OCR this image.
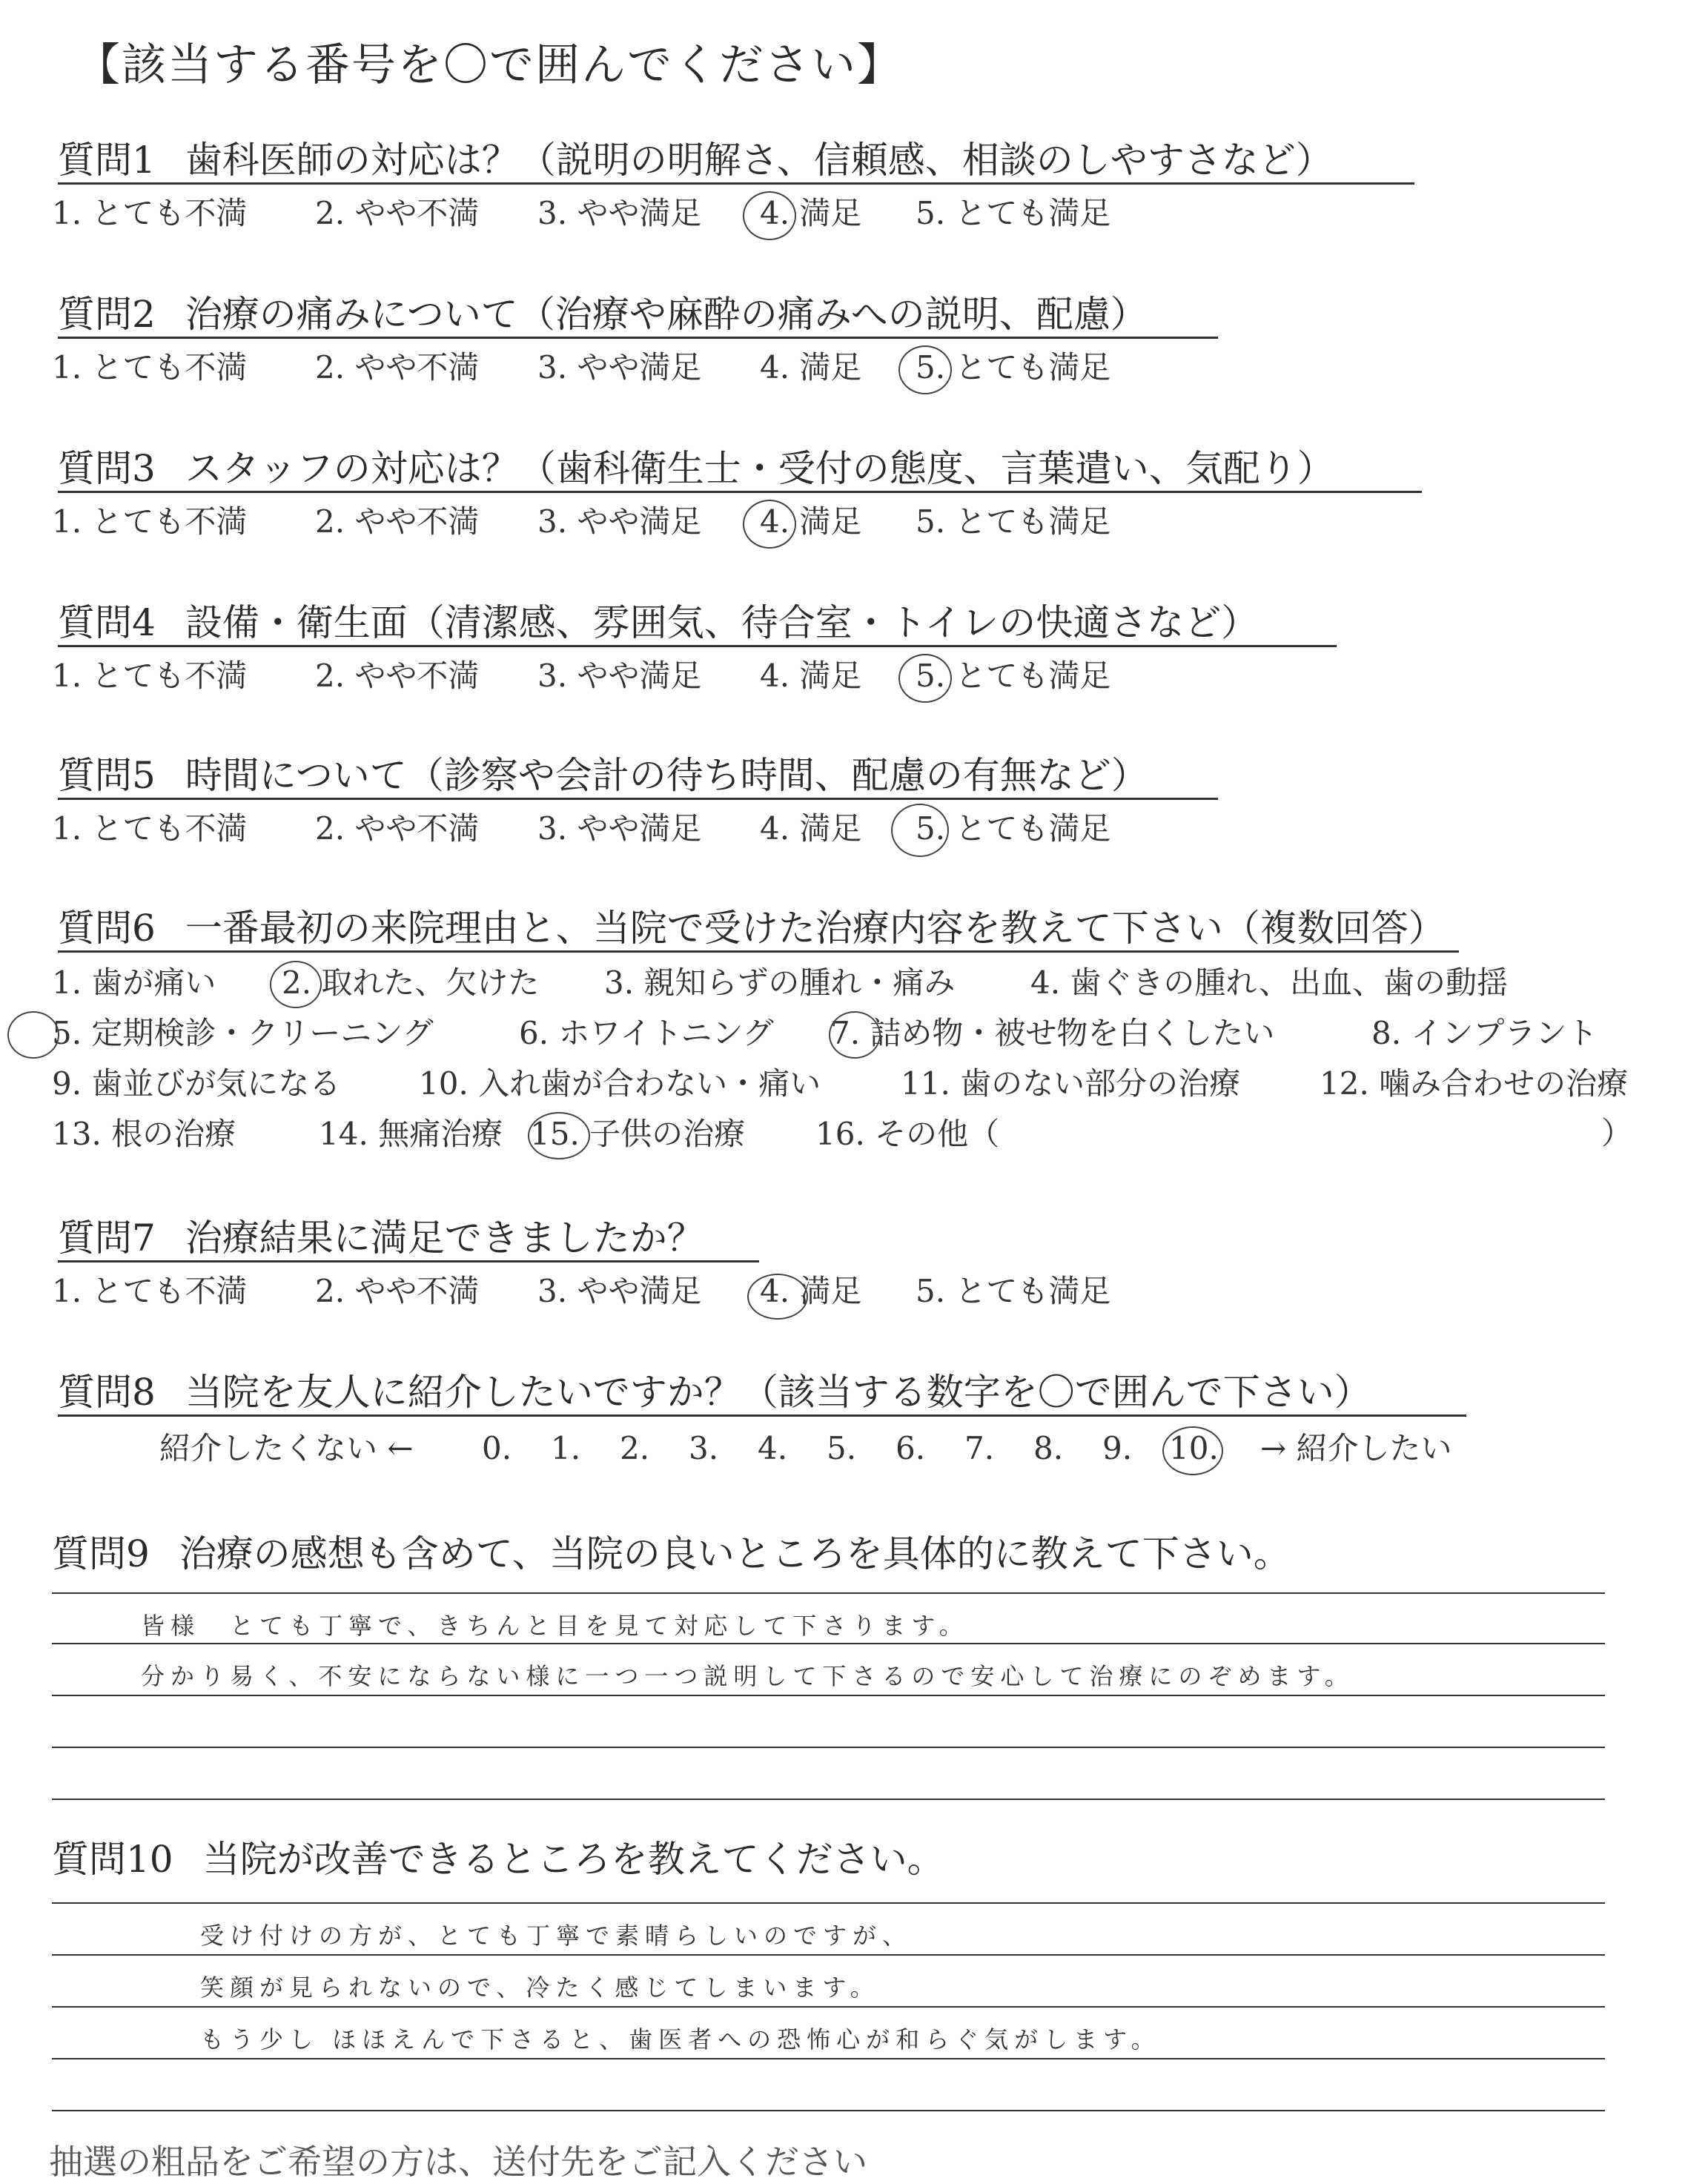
【該当する番号を〇で囲んでください】
質問1 歯科医師の対応は？（説明の明解さ、信頼感、相談のしやすさなど）
1. とても不満 2. やや不満 3. やや満足 4. 満足 5. とても満足
質問2 治療の痛みについて（治療や麻酔の痛みへの説明、配慮）
1. とても不満 2. やや不満 3. やや満足 4. 満足 5. とても満足
質問3 スタッフの対応は？（歯科衛生士・受付の態度、言葉遣い、気配り）
1. とても不満 2. やや不満 3. やや満足 4. 満足 5. とても満足
質問4 設備・衛生面（清潔感、雰囲気、待合室・トイレの快適さなど）
1. とても不満 2. やや不満 3. やや満足 4. 満足 5. とても満足
質問5 時間について（診察や会計の待ち時間、配慮の有無など）
1. とても不満 2. やや不満 3. やや満足 4. 満足 5. とても満足
質問6 一番最初の来院理由と、当院で受けた治療内容を教えて下さい（複数回答）
1. 歯が痛い 2. 取れた、欠けた 3. 親知らずの腫れ・痛み 4. 歯ぐきの腫れ、出血、歯の動揺
5. 定期検診・クリーニング	6. ホワイトニング 7. 詰め物・被せ物を白くしたい	8. インプラント
9. 歯並びが気になる	10. 入れ歯が合わない・痛い	11. 歯のない部分の治療	12. 噛み合わせの治療
13. 根の治療	14. 無痛治療 15. 子供の治療 16. その他（	）
質問7 治療結果に満足できましたか？
1. とても不満 2. やや不満 3. やや満足 4. 満足 5. とても満足
質問8 当院を友人に紹介したいですか？（該当する数字を〇で囲んで下さい）
紹介したくない ← 0. 1. 2. 3. 4. 5. 6. 7. 8. 9. 10. → 紹介したい
質問9 治療の感想も含めて、当院の良いところを具体的に教えて下さい。
皆様　とても丁寧で、きちんと目を見て対応して下さります。
分かり易く、不安にならない様に一つ一つ説明して下さるので安心して治療にのぞめます。
質問10 当院が改善できるところを教えてください。
受け付けの方が、とても丁寧で素晴らしいのですが、
笑顔が見られないので、冷たく感じてしまいます。
もう少し ほほえんで下さると、歯医者への恐怖心が和らぐ気がします。
抽選の粗品をご希望の方は、送付先をご記入ください
